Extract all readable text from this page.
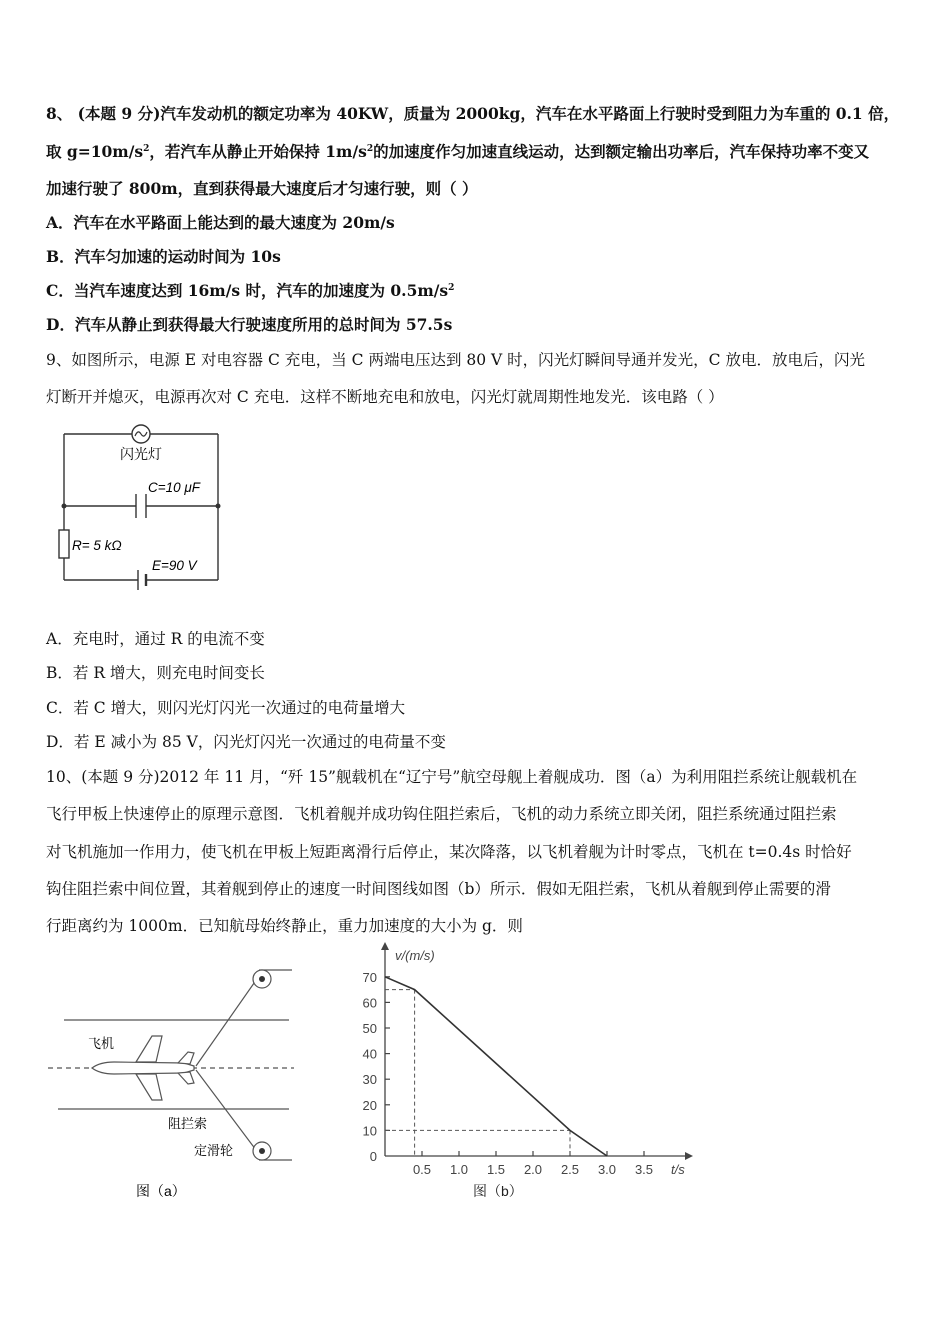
8、 (本题 9 分)汽车发动机的额定功率为 40KW，质量为 2000kg，汽车在水平路面上行驶时受到阻力为车重的 0.1 倍，
取 $g=10m/s^2$，若汽车从静止开始保持 $1m/s^2$的加速度作匀加速直线运动，达到额定输出功率后，汽车保持功率不变又
加速行驶了 800m，直到获得最大速度后才匀速行驶，则（ ）
A．汽车在水平路面上能达到的最大速度为 20m/s
B．汽车匀加速的运动时间为 10s
C．当汽车速度达到 16m/s 时，汽车的加速度为 $0.5m/s^2$
D．汽车从静止到获得最大行驶速度所用的总时间为 57.5s
9、如图所示，电源 E 对电容器 C 充电，当 C 两端电压达到 80 V 时，闪光灯瞬间导通并发光，C 放电．放电后，闪光
灯断开并熄灭，电源再次对 C 充电．这样不断地充电和放电，闪光灯就周期性地发光．该电路（ ）
闪光灯
C=10 μF
R= 5 kΩ
E=90 V
A．充电时，通过 R 的电流不变
B．若 R 增大，则充电时间变长
C．若 C 增大，则闪光灯闪光一次通过的电荷量增大
D．若 E 减小为 85 V，闪光灯闪光一次通过的电荷量不变
10、(本题 9 分)2012 年 11 月，“歼 15”舰载机在“辽宁号”航空母舰上着舰成功．图（a）为利用阻拦系统让舰载机在
飞行甲板上快速停止的原理示意图．飞机着舰并成功钩住阻拦索后，飞机的动力系统立即关闭，阻拦系统通过阻拦索
对飞机施加一作用力，使飞机在甲板上短距离滑行后停止，某次降落，以飞机着舰为计时零点，飞机在 t=0.4s 时恰好
钩住阻拦索中间位置，其着舰到停止的速度一时间图线如图（b）所示．假如无阻拦索，飞机从着舰到停止需要的滑
行距离约为 1000m．已知航母始终静止，重力加速度的大小为 g．则
飞机
阻拦索
定滑轮
图（a）
0
10
20
30
40
50
60
70
0.5 1.0 1.5 2.0 2.5 3.0 3.5
v/(m/s)
t/s
图（b）
